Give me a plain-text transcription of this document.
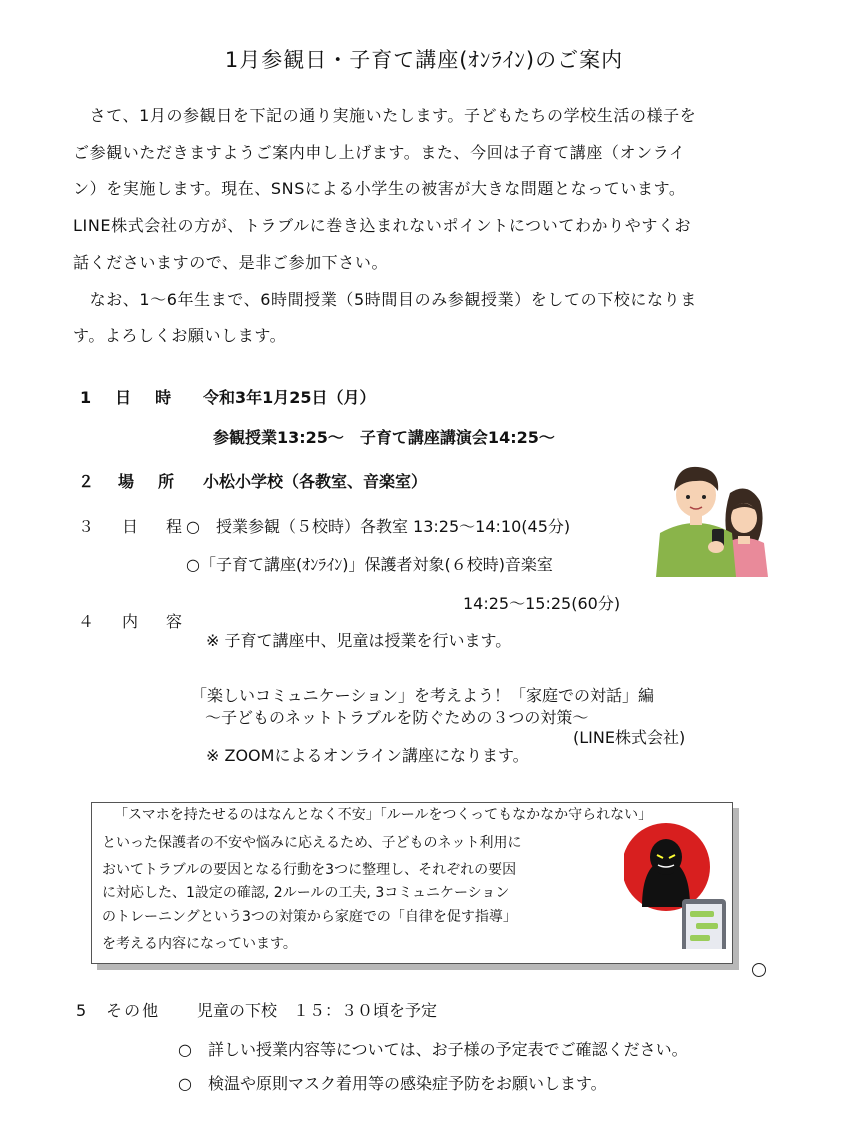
1月参観日・子育て講座(ｵﾝﾗｲﾝ)のご案内

　さて、1月の参観日を下記の通り実施いたします。子どもたちの学校生活の様子を

ご参観いただきますようご案内申し上げます。また、今回は子育て講座（オンライ

ン）を実施します。現在、SNSによる小学生の被害が大きな問題となっています。

LINE株式会社の方が、トラブルに巻き込まれないポイントについてわかりやすくお

話くださいますので、是非ご参加下さい。

　なお、1～6年生まで、6時間授業（5時間目のみ参観授業）をしての下校になりま

す。よろしくお願いします。

1　日　時 令和3年1月25日（月）
参観授業13:25～　子育て講座講演会14:25～
２　場　所 小松小学校（各教室、音楽室）
３　日　程
○　授業参観（５校時）各教室 13:25～14:10(45分)
○「子育て講座(ｵﾝﾗｲﾝ)」保護者対象(６校時)音楽室
14:25～15:25(60分)
４　内　容
※ 子育て講座中、児童は授業を行います。
「楽しいコミュニケーション」を考えよう！「家庭での対話」編
～子どものネットトラブルを防ぐための３つの対策～
(LINE株式会社)
※ ZOOMによるオンライン講座になります。

「スマホを持たせるのはなんとなく不安」「ルールをつくってもなかなか守られない」

といった保護者の不安や悩みに応えるため、子どものネット利用に

おいてトラブルの要因となる行動を3つに整理し、それぞれの要因

に対応した、1設定の確認, 2ルールの工夫, 3コミュニケーション

のトレーニングという3つの対策から家庭での「自律を促す指導」

を考える内容になっています。

5　その他 児童の下校　１５：３０頃を予定
○　詳しい授業内容等については、お子様の予定表でご確認ください。
○　検温や原則マスク着用等の感染症予防をお願いします。
